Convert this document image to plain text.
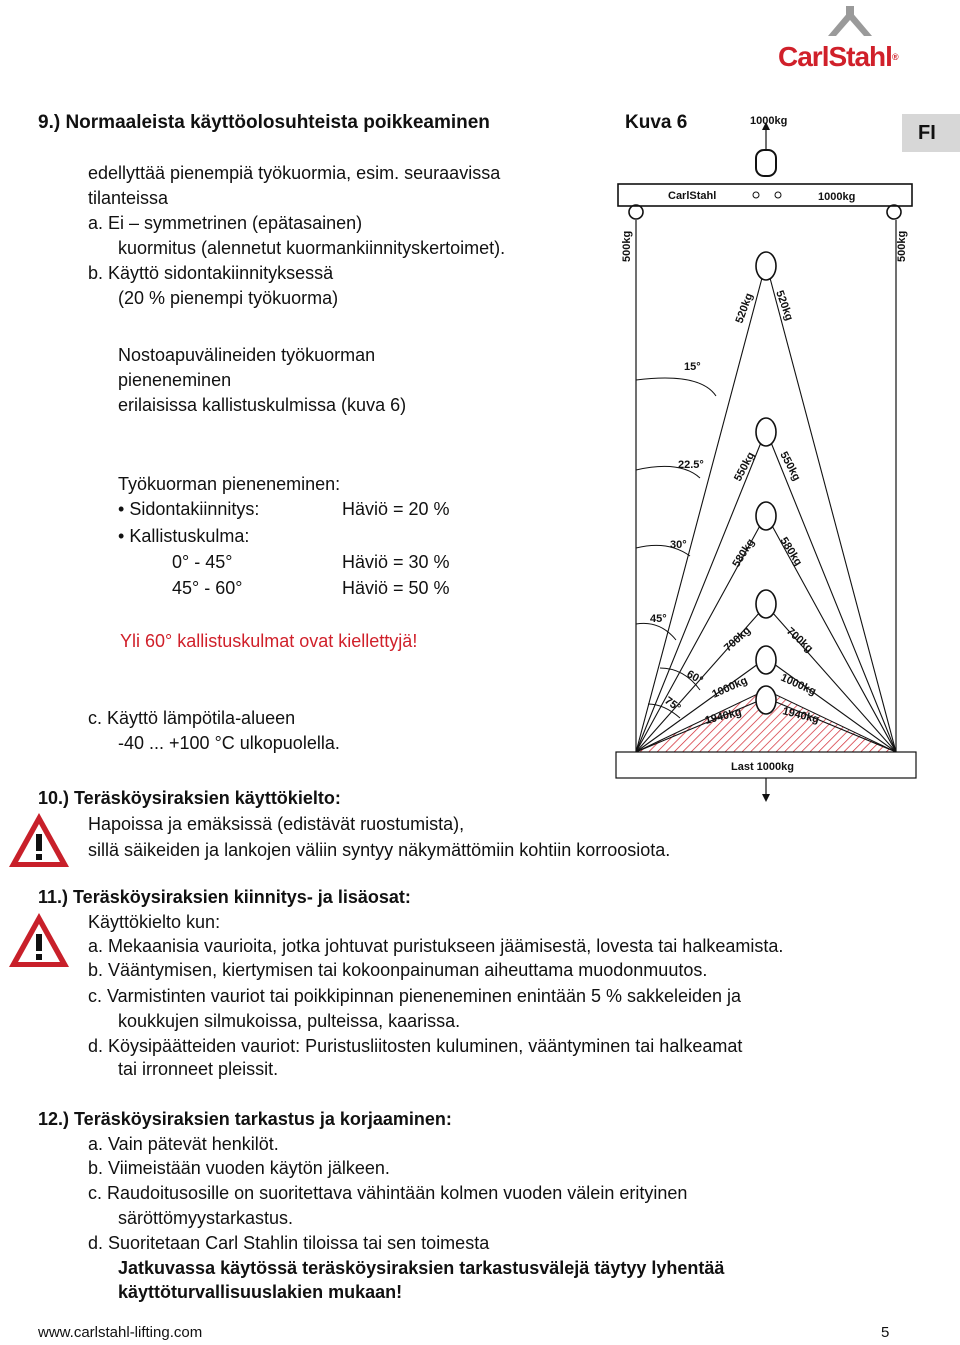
CarlStahl®
FI
9.) Normaaleista käyttöolosuhteista poikkeaminen	Kuva 6
edellyttää pienempiä työkuormia, esim. seuraavissa
tilanteissa
a. Ei – symmetrinen (epätasainen)
kuormitus (alennetut kuormankiinnityskertoimet).
b. Käyttö sidontakiinnityksessä
(20 % pienempi työkuorma)
Nostoapuvälineiden työkuorman
pieneneminen
erilaisissa kallistuskulmissa (kuva 6)
Työkuorman pieneneminen:
• Sidontakiinnitys:	Häviö = 20 %
• Kallistuskulma:
0° - 45°	Häviö = 30 %
45° - 60°	Häviö = 50 %
Yli 60° kallistuskulmat ovat kiellettyjä!
c. Käyttö lämpötila-alueen
-40 ... +100 °C ulkopuolella.
1000kg
CarlStahl	1000kg
500kg	500kg
520kg 520kg
550kg 550kg
580kg 580kg
700kg	700kg
1000kg	1000kg
1940kg	1940kg
15°
22.5°
30°
45°
60°
75°
Last 1000kg
10.) Teräsköysiraksien käyttökielto:
Hapoissa ja emäksissä (edistävät ruostumista),
sillä säikeiden ja lankojen väliin syntyy näkymättömiin kohtiin korroosiota.
11.) Teräsköysiraksien kiinnitys- ja lisäosat:
Käyttökielto kun:
a. Mekaanisia vaurioita, jotka johtuvat puristukseen jäämisestä, lovesta tai halkeamista.
b. Vääntymisen, kiertymisen tai kokoonpainuman aiheuttama muodonmuutos.
c. Varmistinten vauriot tai poikkipinnan pieneneminen enintään 5 % sakkeleiden ja
koukkujen silmukoissa, pulteissa, kaarissa.
d. Köysipäätteiden vauriot: Puristusliitosten kuluminen, vääntyminen tai halkeamat
tai irronneet pleissit.
12.) Teräsköysiraksien tarkastus ja korjaaminen:
a. Vain pätevät henkilöt.
b. Viimeistään vuoden käytön jälkeen.
c. Raudoitusosille on suoritettava vähintään kolmen vuoden välein erityinen
säröttömyystarkastus.
d. Suoritetaan Carl Stahlin tiloissa tai sen toimesta
Jatkuvassa käytössä teräsköysiraksien tarkastusvälejä täytyy lyhentää
käyttöturvallisuuslakien mukaan!
www.carlstahl-lifting.com	5
